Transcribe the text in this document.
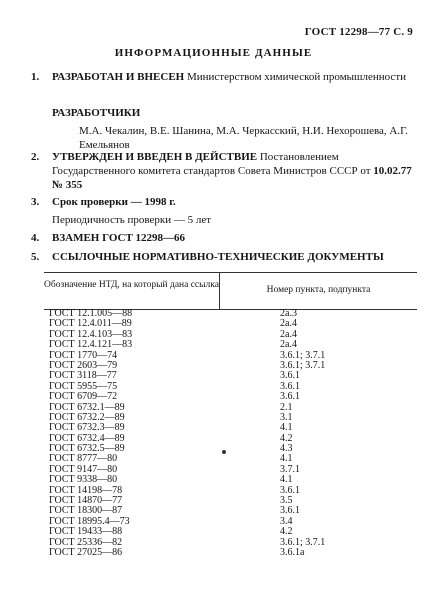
ГОСТ 12298—77 С. 9
ИНФОРМАЦИОННЫЕ ДАННЫЕ
1. РАЗРАБОТАН И ВНЕСЕН Министерством химической промышленности
РАЗРАБОТЧИКИ
М.А. Чекалин, В.Е. Шанина, М.А. Черкасский, Н.И. Нехорошева, А.Г. Емельянов
2. УТВЕРЖДЕН И ВВЕДЕН В ДЕЙСТВИЕ Постановлением Государственного комитета стандартов Совета Министров СССР от 10.02.77 № 355
3. Срок проверки — 1998 г.
Периодичность проверки — 5 лет
4. ВЗАМЕН ГОСТ 12298—66
5. ССЫЛОЧНЫЕ НОРМАТИВНО-ТЕХНИЧЕСКИЕ ДОКУМЕНТЫ
Обозначение НТД, на который дана ссылка	Номер пункта, подпункта
ГОСТ 12.1.005—88	2а.3
ГОСТ 12.4.011—89	2а.4
ГОСТ 12.4.103—83	2а.4
ГОСТ 12.4.121—83	2а.4
ГОСТ 1770—74	3.6.1; 3.7.1
ГОСТ 2603—79	3.6.1; 3.7.1
ГОСТ 3118—77	3.6.1
ГОСТ 5955—75	3.6.1
ГОСТ 6709—72	3.6.1
ГОСТ 6732.1—89	2.1
ГОСТ 6732.2—89	3.1
ГОСТ 6732.3—89	4.1
ГОСТ 6732.4—89	4.2
ГОСТ 6732.5—89	4.3
ГОСТ 8777—80	4.1
ГОСТ 9147—80	3.7.1
ГОСТ 9338—80	4.1
ГОСТ 14198—78	3.6.1
ГОСТ 14870—77	3.5
ГОСТ 18300—87	3.6.1
ГОСТ 18995.4—73	3.4
ГОСТ 19433—88	4.2
ГОСТ 25336—82	3.6.1; 3.7.1
ГОСТ 27025—86	3.6.1а
